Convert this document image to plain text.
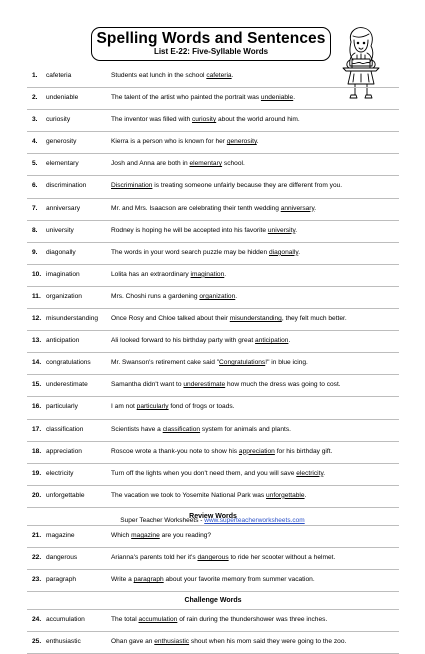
Spelling Words and Sentences
List E-22: Five-Syllable Words
1. cafeteria	Students eat lunch in the school cafeteria.
2. undeniable	The talent of the artist who painted the portrait was undeniable.
3. curiosity	The inventor was filled with curiosity about the world around him.
4. generosity	Kierra is a person who is known for her generosity.
5. elementary	Josh and Anna are both in elementary school.
6. discrimination	Discrimination is treating someone unfairly because they are different from you.
7. anniversary	Mr. and Mrs. Isaacson are celebrating their tenth wedding anniversary.
8. university	Rodney is hoping he will be accepted into his favorite university.
9. diagonally	The words in your word search puzzle may be hidden diagonally.
10. imagination	Lolita has an extraordinary imagination.
11. organization	Mrs. Choshi runs a gardening organization.
12. misunderstanding Once Rosy and Chloe talked about their misunderstanding, they felt much better.
13. anticipation	Ali looked forward to his birthday party with great anticipation.
14. congratulations	Mr. Swanson's retirement cake said "Congratulations!" in blue icing.
15. underestimate	Samantha didn't want to underestimate how much the dress was going to cost.
16. particularly	I am not particularly fond of frogs or toads.
17. classification	Scientists have a classification system for animals and plants.
18. appreciation	Roscoe wrote a thank-you note to show his appreciation for his birthday gift.
19. electricity	Turn off the lights when you don't need them, and you will save electricity.
20. unforgettable	The vacation we took to Yosemite National Park was unforgettable.
Review Words
21. magazine	Which magazine are you reading?
22. dangerous	Arianna's parents told her it's dangerous to ride her scooter without a helmet.
23. paragraph	Write a paragraph about your favorite memory from summer vacation.
Challenge Words
24. accumulation	The total accumulation of rain during the thundershower was three inches.
25. enthusiastic	Ohan gave an enthusiastic shout when his mom said they were going to the zoo.
Super Teacher Worksheets - www.superteacherworksheets.com
